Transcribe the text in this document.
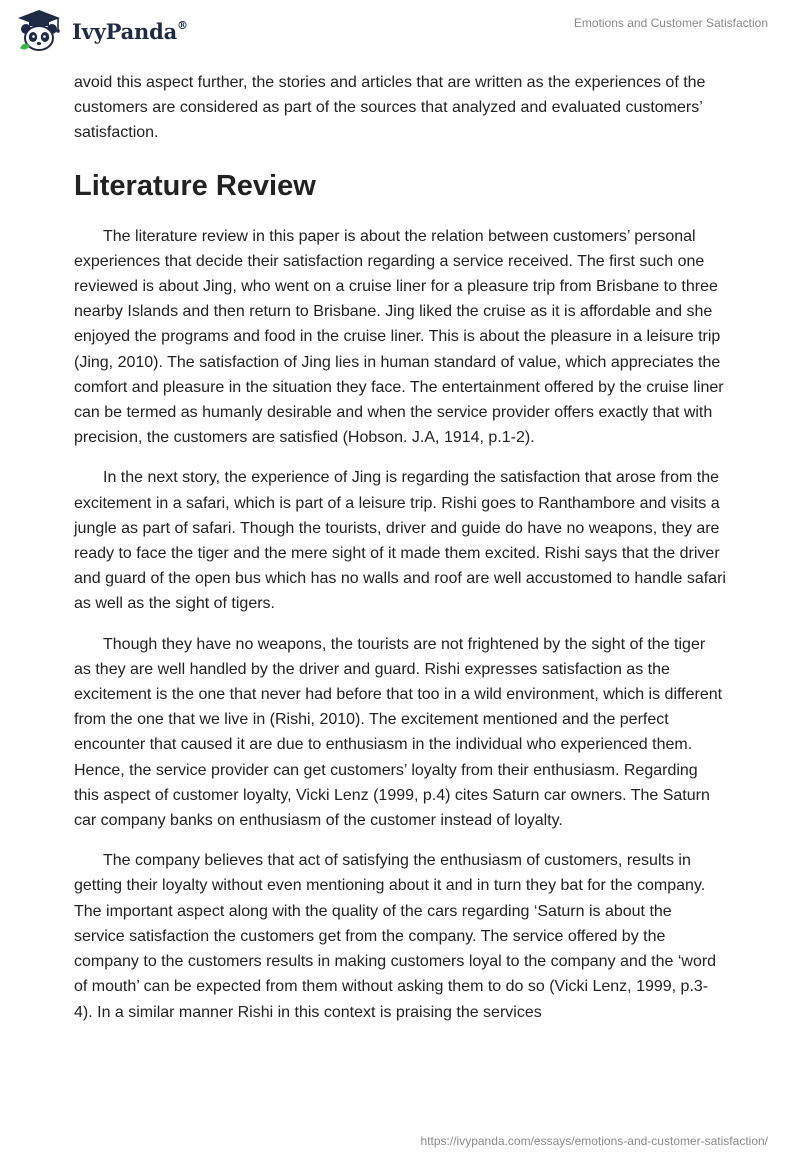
IvyPanda®	Emotions and Customer Satisfaction

avoid this aspect further, the stories and articles that are written as the experiences of the customers are considered as part of the sources that analyzed and evaluated customers’ satisfaction.

Literature Review

The literature review in this paper is about the relation between customers’ personal experiences that decide their satisfaction regarding a service received. The first such one reviewed is about Jing, who went on a cruise liner for a pleasure trip from Brisbane to three nearby Islands and then return to Brisbane. Jing liked the cruise as it is affordable and she enjoyed the programs and food in the cruise liner. This is about the pleasure in a leisure trip (Jing, 2010). The satisfaction of Jing lies in human standard of value, which appreciates the comfort and pleasure in the situation they face. The entertainment offered by the cruise liner can be termed as humanly desirable and when the service provider offers exactly that with precision, the customers are satisfied (Hobson. J.A, 1914, p.1-2).

In the next story, the experience of Jing is regarding the satisfaction that arose from the excitement in a safari, which is part of a leisure trip. Rishi goes to Ranthambore and visits a jungle as part of safari. Though the tourists, driver and guide do have no weapons, they are ready to face the tiger and the mere sight of it made them excited. Rishi says that the driver and guard of the open bus which has no walls and roof are well accustomed to handle safari as well as the sight of tigers.

Though they have no weapons, the tourists are not frightened by the sight of the tiger as they are well handled by the driver and guard. Rishi expresses satisfaction as the excitement is the one that never had before that too in a wild environment, which is different from the one that we live in (Rishi, 2010). The excitement mentioned and the perfect encounter that caused it are due to enthusiasm in the individual who experienced them. Hence, the service provider can get customers’ loyalty from their enthusiasm. Regarding this aspect of customer loyalty, Vicki Lenz (1999, p.4) cites Saturn car owners. The Saturn car company banks on enthusiasm of the customer instead of loyalty.

The company believes that act of satisfying the enthusiasm of customers, results in getting their loyalty without even mentioning about it and in turn they bat for the company. The important aspect along with the quality of the cars regarding ‘Saturn is about the service satisfaction the customers get from the company. The service offered by the company to the customers results in making customers loyal to the company and the ‘word of mouth’ can be expected from them without asking them to do so (Vicki Lenz, 1999, p.3-4). In a similar manner Rishi in this context is praising the services

https://ivypanda.com/essays/emotions-and-customer-satisfaction/
